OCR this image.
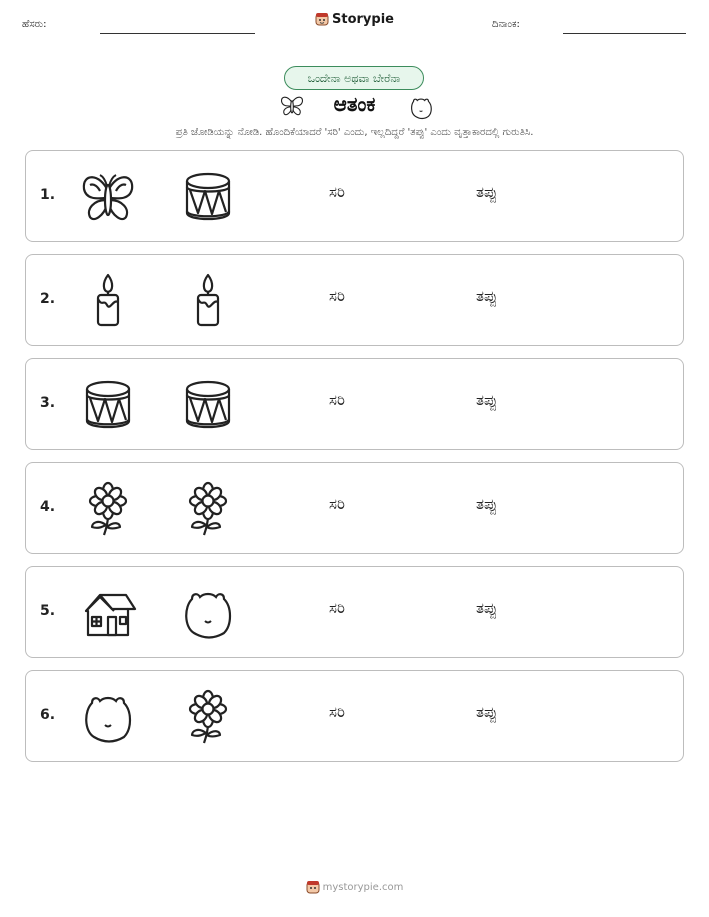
ಹೆಸರು:	Storypie	ದಿನಾಂಕ:
ಒಂದೇನಾ ಅಥವಾ ಬೇರೆನಾ
ಆತಂಕ
ಪ್ರತಿ ಜೋಡಿಯನ್ನು ನೋಡಿ. ಹೊಂದಿಕೆಯಾದರೆ 'ಸರಿ' ಎಂದು, ಇಲ್ಲದಿದ್ದರೆ 'ತಪ್ಪು' ಎಂದು ವೃತ್ತಾಕಾರದಲ್ಲಿ ಗುರುತಿಸಿ.
1.	ಸರಿ	ತಪ್ಪು
2.	ಸರಿ	ತಪ್ಪು
3.	ಸರಿ	ತಪ್ಪು
4.	ಸರಿ	ತಪ್ಪು
5.	ಸರಿ	ತಪ್ಪು
6.	ಸರಿ	ತಪ್ಪು
mystorypie.com
